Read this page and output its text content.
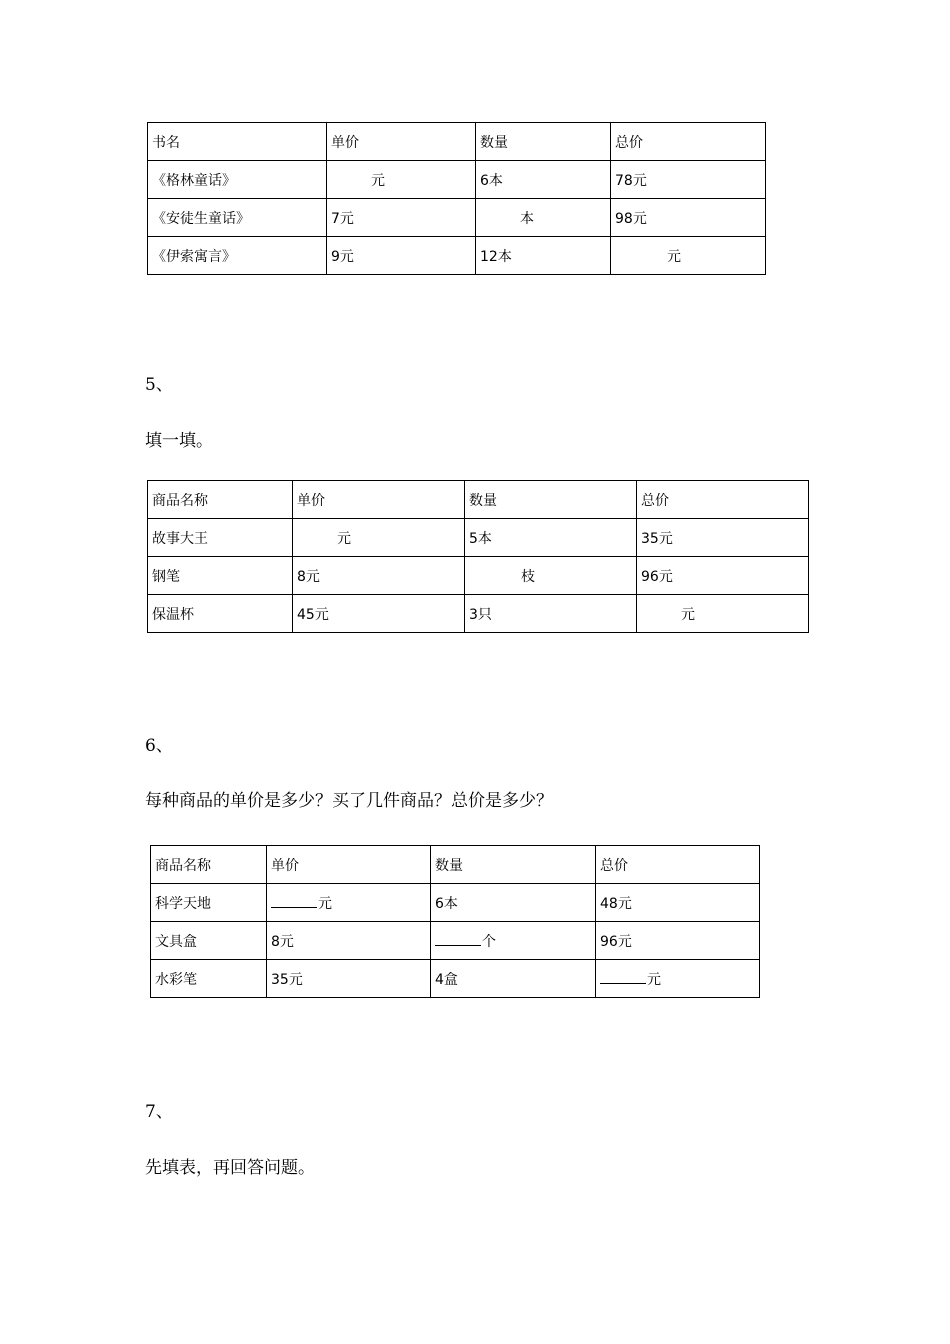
书名	单价	数量	总价
《格林童话》	元	6本	78元
《安徒生童话》	7元	本	98元
《伊索寓言》	9元	12本	元
5、
填一填。
商品名称	单价	数量	总价
故事大王	元	5本	35元
钢笔	8元	枝	96元
保温杯	45元	3只	元
6、
每种商品的单价是多少？买了几件商品？总价是多少？
商品名称	单价	数量	总价
科学天地	元	6本	48元
文具盒	8元	个	96元
水彩笔	35元	4盒	元
7、
先填表，再回答问题。
